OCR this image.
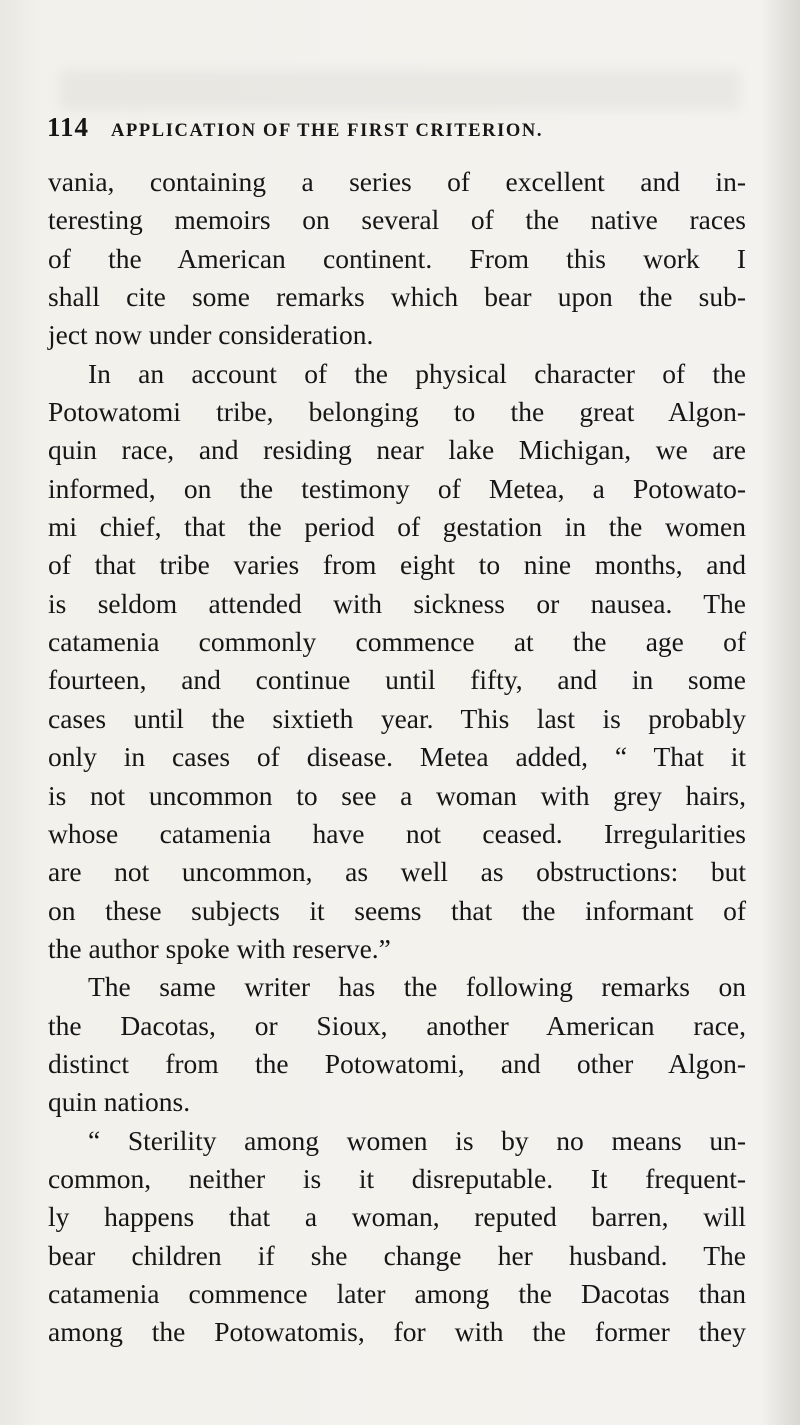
114 APPLICATION OF THE FIRST CRITERION.
vania, containing a series of excellent and in-
teresting memoirs on several of the native races
of the American continent. From this work I
shall cite some remarks which bear upon the sub-
ject now under consideration.
In an account of the physical character of the
Potowatomi tribe, belonging to the great Algon-
quin race, and residing near lake Michigan, we are
informed, on the testimony of Metea, a Potowato-
mi chief, that the period of gestation in the women
of that tribe varies from eight to nine months, and
is seldom attended with sickness or nausea. The
catamenia commonly commence at the age of
fourteen, and continue until fifty, and in some
cases until the sixtieth year. This last is probably
only in cases of disease. Metea added, “ That it
is not uncommon to see a woman with grey hairs,
whose catamenia have not ceased. Irregularities
are not uncommon, as well as obstructions: but
on these subjects it seems that the informant of
the author spoke with reserve.”
The same writer has the following remarks on
the Dacotas, or Sioux, another American race,
distinct from the Potowatomi, and other Algon-
quin nations.
“ Sterility among women is by no means un-
common, neither is it disreputable. It frequent-
ly happens that a woman, reputed barren, will
bear children if she change her husband. The
catamenia commence later among the Dacotas than
among the Potowatomis, for with the former they
